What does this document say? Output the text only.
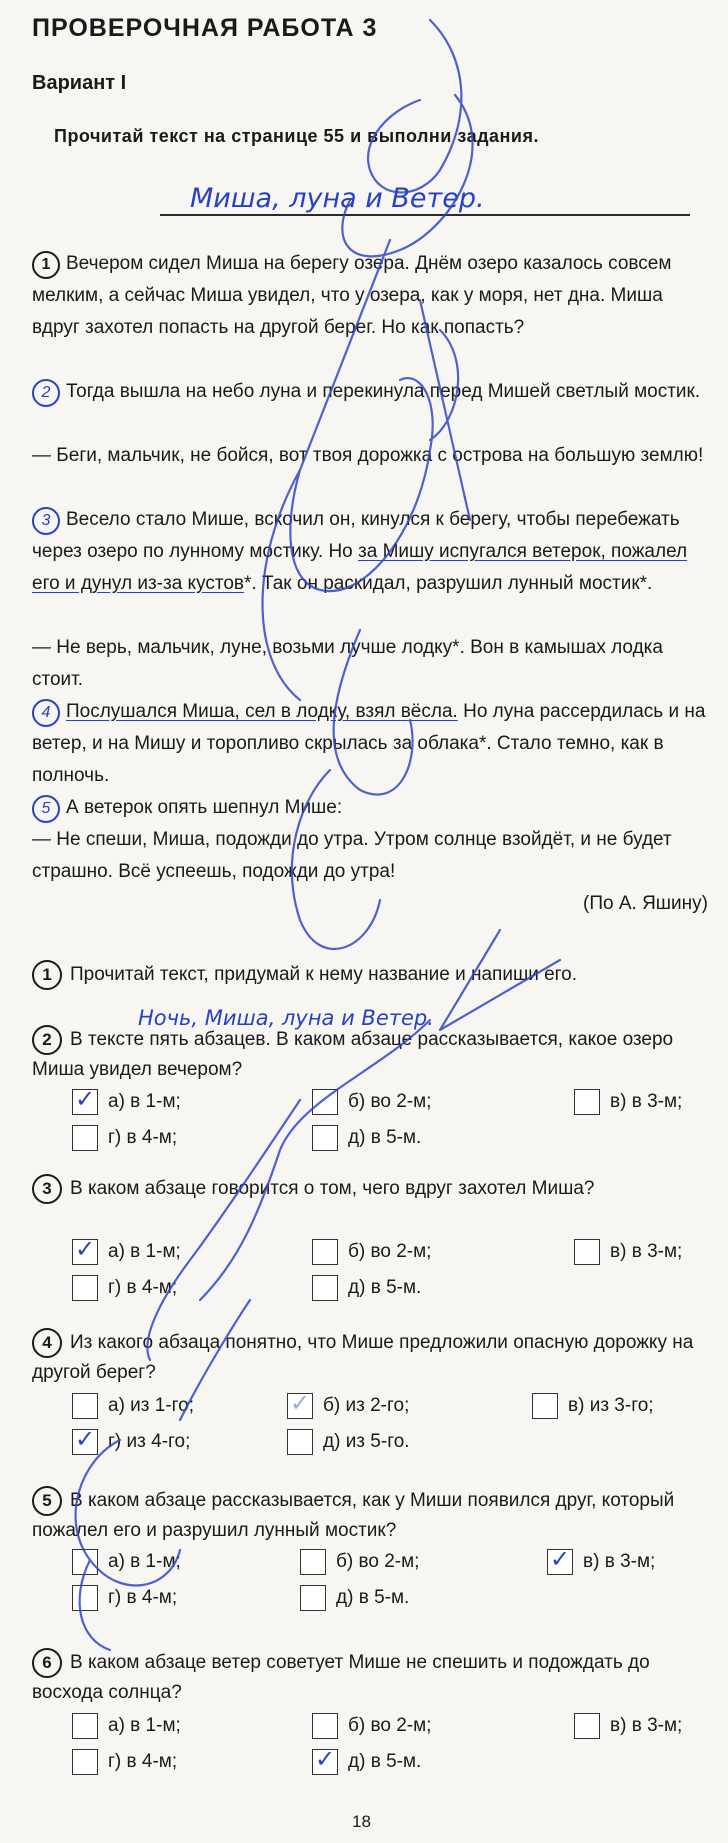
ПРОВЕРОЧНАЯ РАБОТА 3
Вариант I
Прочитай текст на странице 55 и выполни задания.
Миша, луна и Ветер.
1 Вечером сидел Миша на берегу озера. Днём озеро казалось совсем мелким, а сейчас Миша увидел, что у озера, как у моря, нет дна. Миша вдруг захотел попасть на другой берег. Но как попасть?
2 Тогда вышла на небо луна и перекинула перед Мишей светлый мостик.
— Беги, мальчик, не бойся, вот твоя дорожка с острова на большую землю!
3 Весело стало Мише, вскочил он, кинулся к берегу, чтобы перебежать через озеро по лунному мостику. Но за Мишу испугался ветерок, пожалел его и дунул из-за кустов*. Так он раскидал, разрушил лунный мостик*.
— Не верь, мальчик, луне, возьми лучше лодку*. Вон в камышах лодка стоит.
4 Послушался Миша, сел в лодку, взял вёсла. Но луна рассердилась и на ветер, и на Мишу и торопливо скрылась за облака*. Стало темно, как в полночь.
5 А ветерок опять шепнул Мише:
— Не спеши, Миша, подожди до утра. Утром солнце взойдёт, и не будет страшно. Всё успеешь, подожди до утра!
(По А. Яшину)
1 Прочитай текст, придумай к нему название и напиши его.
Ночь, Миша, луна и Ветер.
2 В тексте пять абзацев. В каком абзаце рассказывается, какое озеро Миша увидел вечером?
✓ а) в 1-м;	б) во 2-м;	в) в 3-м;
г) в 4-м;	д) в 5-м.
3 В каком абзаце говорится о том, чего вдруг захотел Миша?
✓ а) в 1-м;	б) во 2-м;	в) в 3-м;
г) в 4-м;	д) в 5-м.
4 Из какого абзаца понятно, что Мише предложили опасную дорожку на другой берег?
а) из 1-го;	✓ б) из 2-го;	в) из 3-го;
✓ г) из 4-го;	д) из 5-го.
5 В каком абзаце рассказывается, как у Миши появился друг, который пожалел его и разрушил лунный мостик?
а) в 1-м;	б) во 2-м;	✓ в) в 3-м;
г) в 4-м;	д) в 5-м.
6 В каком абзаце ветер советует Мише не спешить и подождать до восхода солнца?
а) в 1-м;	б) во 2-м;	в) в 3-м;
г) в 4-м;	✓ д) в 5-м.
18
